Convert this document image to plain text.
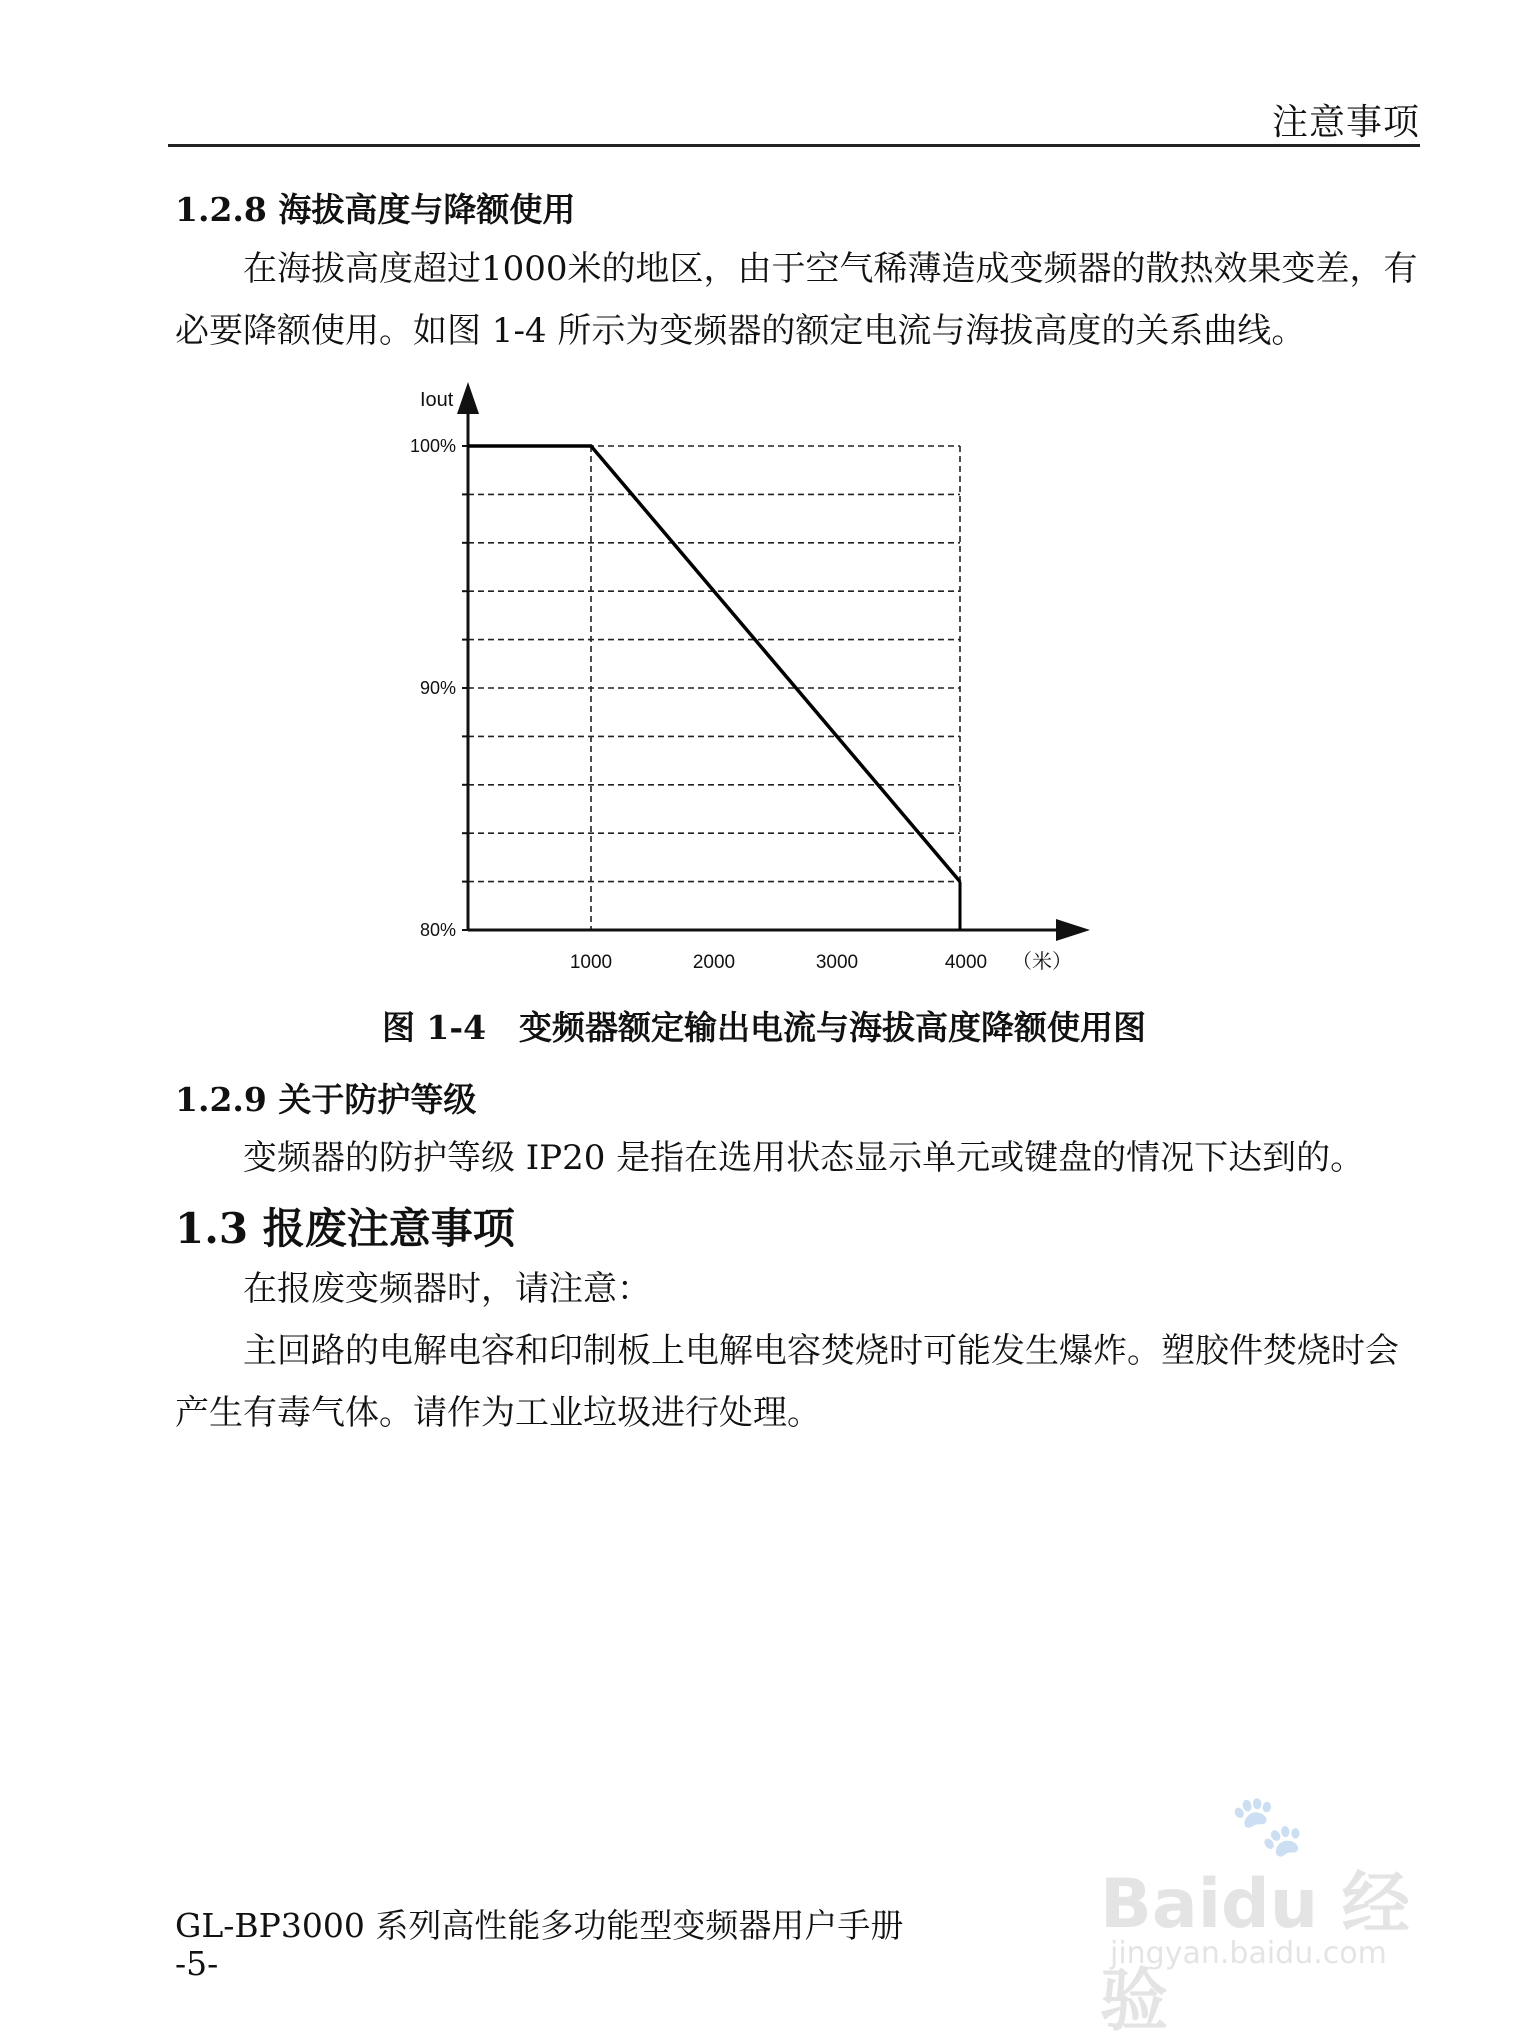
注意事项
1.2.8 海拔高度与降额使用
在海拔高度超过1000米的地区，由于空气稀薄造成变频器的散热效果变差，有必要降额使用。如图 1-4 所示为变频器的额定电流与海拔高度的关系曲线。
100%
90%
80%
Iout
1000	2000	3000	4000 （米）
图 1-4　变频器额定输出电流与海拔高度降额使用图
1.2.9 关于防护等级
变频器的防护等级 IP20 是指在选用状态显示单元或键盘的情况下达到的。
1.3 报废注意事项
在报废变频器时，请注意：
主回路的电解电容和印制板上电解电容焚烧时可能发生爆炸。塑胶件焚烧时会产生有毒气体。请作为工业垃圾进行处理。
GL-BP3000 系列高性能多功能型变频器用户手册
-5-
🐾
Baidu 经验
jingyan.baidu.com
